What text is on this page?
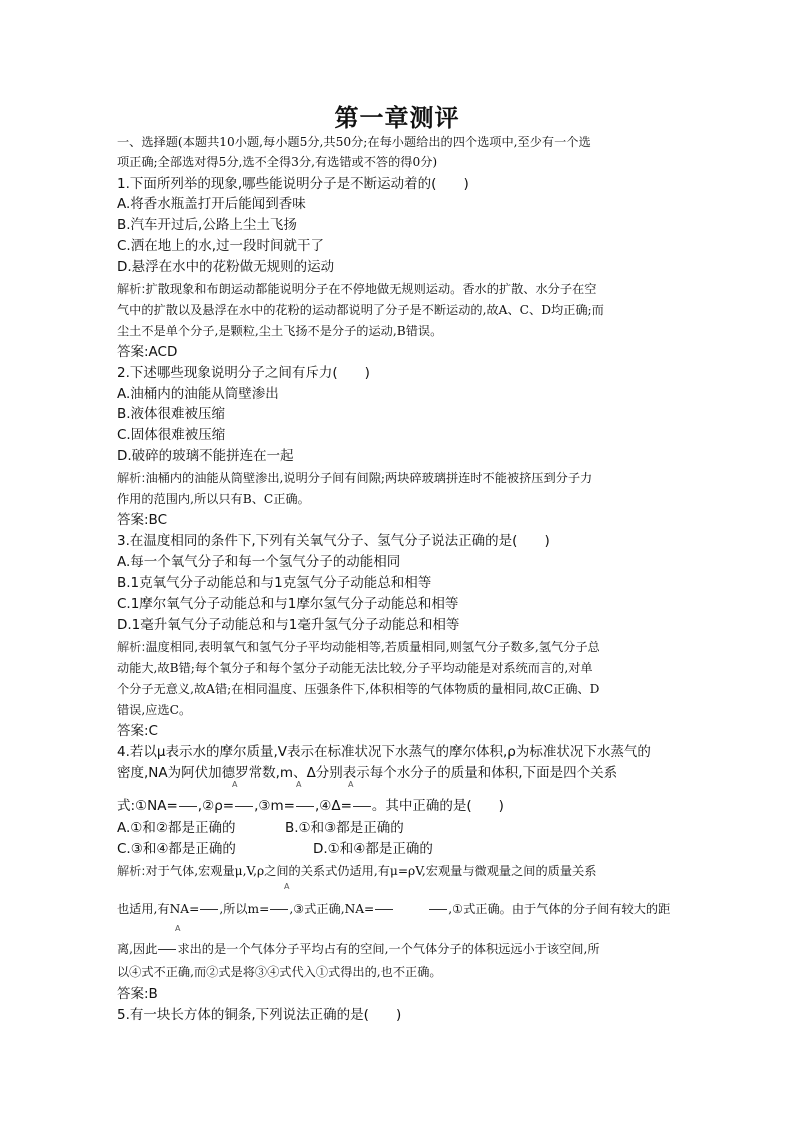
第一章测评
一、选择题(本题共10小题,每小题5分,共50分;在每小题给出的四个选项中,至少有一个选
项正确;全部选对得5分,选不全得3分,有选错或不答的得0分)
1.下面所列举的现象,哪些能说明分子是不断运动着的(　　)
A.将香水瓶盖打开后能闻到香味
B.汽车开过后,公路上尘土飞扬
C.洒在地上的水,过一段时间就干了
D.悬浮在水中的花粉做无规则的运动
解析:扩散现象和布朗运动都能说明分子在不停地做无规则运动。香水的扩散、水分子在空
气中的扩散以及悬浮在水中的花粉的运动都说明了分子是不断运动的,故A、C、D均正确;而
尘土不是单个分子,是颗粒,尘土飞扬不是分子的运动,B错误。
答案:ACD
2.下述哪些现象说明分子之间有斥力(　　)
A.油桶内的油能从筒壁渗出
B.液体很难被压缩
C.固体很难被压缩
D.破碎的玻璃不能拼连在一起
解析:油桶内的油能从筒壁渗出,说明分子间有间隙;两块碎玻璃拼连时不能被挤压到分子力
作用的范围内,所以只有B、C正确。
答案:BC
3.在温度相同的条件下,下列有关氧气分子、氢气分子说法正确的是(　　)
A.每一个氧气分子和每一个氢气分子的动能相同
B.1克氧气分子动能总和与1克氢气分子动能总和相等
C.1摩尔氧气分子动能总和与1摩尔氢气分子动能总和相等
D.1毫升氧气分子动能总和与1毫升氢气分子动能总和相等
解析:温度相同,表明氧气和氢气分子平均动能相等,若质量相同,则氢气分子数多,氢气分子总
动能大,故B错;每个氧分子和每个氢分子动能无法比较,分子平均动能是对系统而言的,对单
个分子无意义,故A错;在相同温度、压强条件下,体积相等的气体物质的量相同,故C正确、D
错误,应选C。
答案:C
4.若以μ表示水的摩尔质量,V表示在标准状况下水蒸气的摩尔体积,ρ为标准状况下水蒸气的
密度,NA为阿伏加德罗常数,m、Δ分别表示每个水分子的质量和体积,下面是四个关系
式:①NA= ,②ρ= ,③m= ,④Δ= 。其中正确的是(　　)
A	A	A
A.①和②都是正确的	B.①和③都是正确的
C.③和④都是正确的	D.①和④都是正确的
解析:对于气体,宏观量μ,V,ρ之间的关系式仍适用,有μ=ρV,宏观量与微观量之间的质量关系
也适用,有NA= ,所以m= ,③式正确,NA=	,①式正确。由于气体的分子间有较大的距
A
离,因此 求出的是一个气体分子平均占有的空间,一个气体分子的体积远远小于该空间,所
A
以④式不正确,而②式是将③④式代入①式得出的,也不正确。
答案:B
5.有一块长方体的铜条,下列说法正确的是(　　)
